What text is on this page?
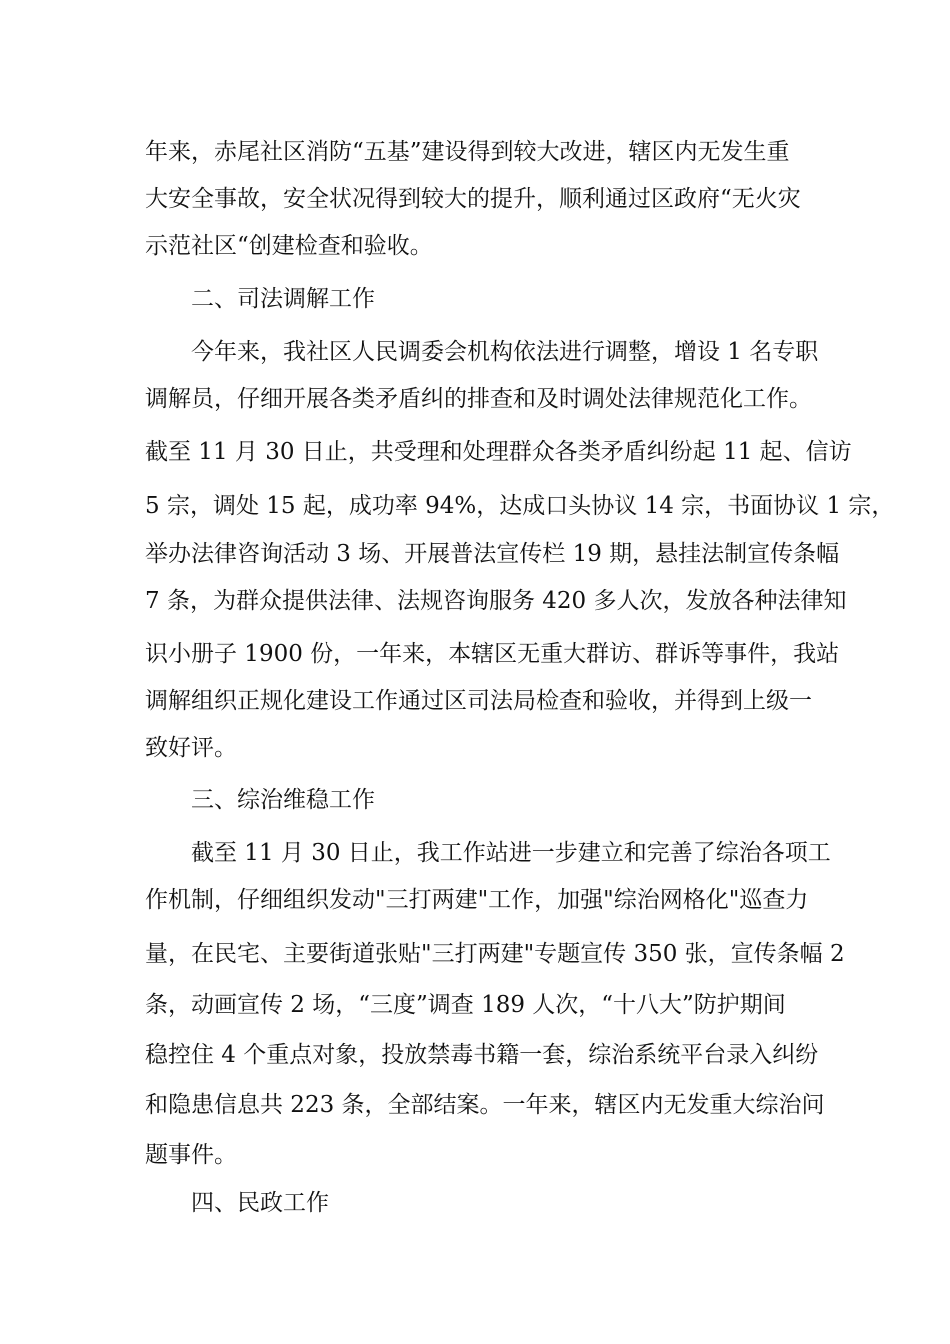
年来，赤尾社区消防“五基”建设得到较大改进，辖区内无发生重
大安全事故，安全状况得到较大的提升，顺利通过区政府“无火灾
示范社区“创建检查和验收。
二、司法调解工作
今年来，我社区人民调委会机构依法进行调整，增设 1 名专职
调解员，仔细开展各类矛盾纠的排查和及时调处法律规范化工作。
截至 11 月 30 日止，共受理和处理群众各类矛盾纠纷起 11 起、信访
5 宗，调处 15 起，成功率 94%，达成口头协议 14 宗，书面协议 1 宗，
举办法律咨询活动 3 场、开展普法宣传栏 19 期，悬挂法制宣传条幅
7 条，为群众提供法律、法规咨询服务 420 多人次，发放各种法律知
识小册子 1900 份，一年来，本辖区无重大群访、群诉等事件，我站
调解组织正规化建设工作通过区司法局检查和验收，并得到上级一
致好评。
三、综治维稳工作
截至 11 月 30 日止，我工作站进一步建立和完善了综治各项工
作机制，仔细组织发动"三打两建"工作，加强"综治网格化"巡查力
量，在民宅、主要街道张贴"三打两建"专题宣传 350 张，宣传条幅 2
条，动画宣传 2 场，“三度”调查 189 人次，“十八大”防护期间
稳控住 4 个重点对象，投放禁毒书籍一套，综治系统平台录入纠纷
和隐患信息共 223 条，全部结案。一年来，辖区内无发重大综治问
题事件。
四、民政工作
